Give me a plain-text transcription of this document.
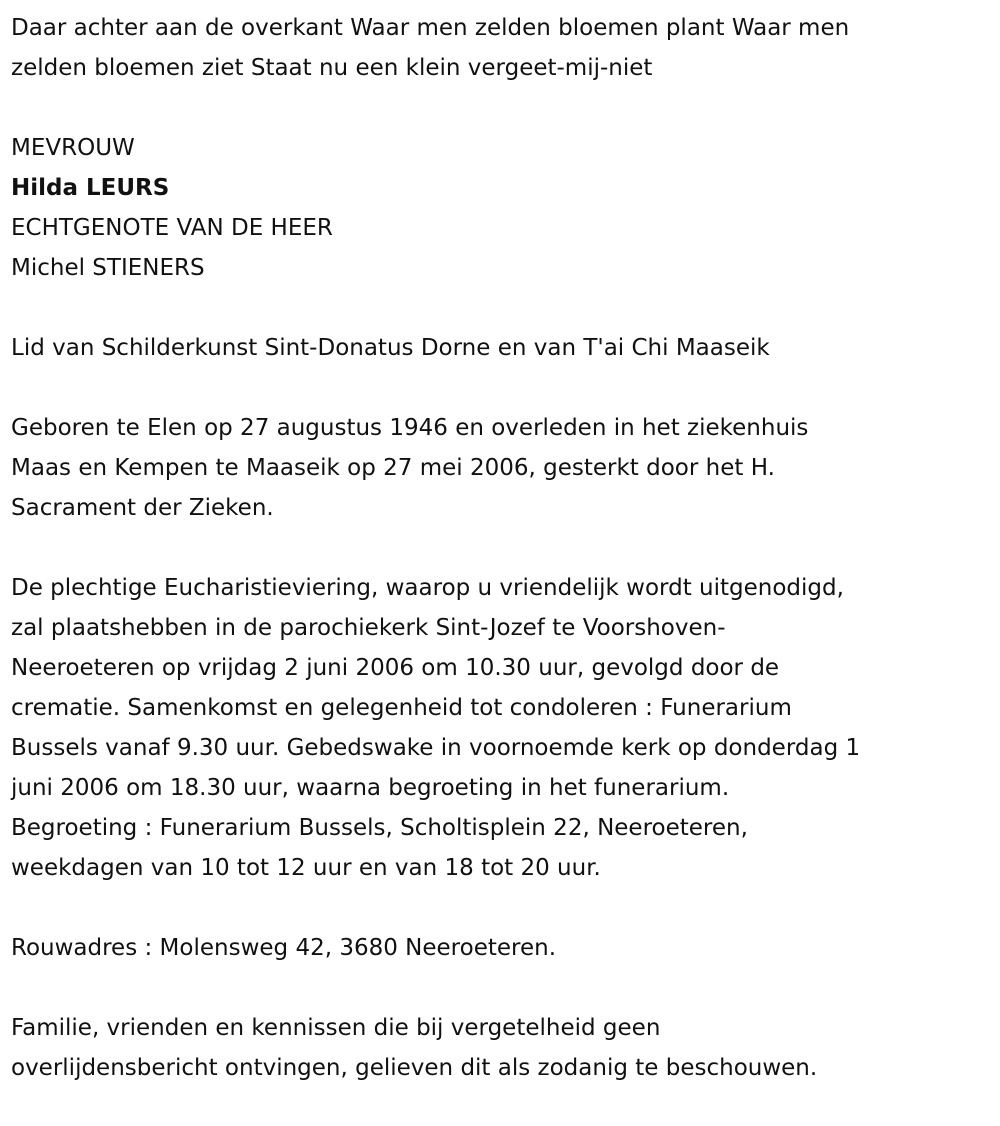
Daar achter aan de overkant Waar men zelden bloemen plant Waar men
zelden bloemen ziet Staat nu een klein vergeet-mij-niet
MEVROUW
Hilda LEURS
ECHTGENOTE VAN DE HEER
Michel STIENERS
Lid van Schilderkunst Sint-Donatus Dorne en van T'ai Chi Maaseik
Geboren te Elen op 27 augustus 1946 en overleden in het ziekenhuis
Maas en Kempen te Maaseik op 27 mei 2006, gesterkt door het H.
Sacrament der Zieken.
De plechtige Eucharistieviering, waarop u vriendelijk wordt uitgenodigd,
zal plaatshebben in de parochiekerk Sint-Jozef te Voorshoven-
Neeroeteren op vrijdag 2 juni 2006 om 10.30 uur, gevolgd door de
crematie. Samenkomst en gelegenheid tot condoleren : Funerarium
Bussels vanaf 9.30 uur. Gebedswake in voornoemde kerk op donderdag 1
juni 2006 om 18.30 uur, waarna begroeting in het funerarium.
Begroeting : Funerarium Bussels, Scholtisplein 22, Neeroeteren,
weekdagen van 10 tot 12 uur en van 18 tot 20 uur.
Rouwadres : Molensweg 42, 3680 Neeroeteren.
Familie, vrienden en kennissen die bij vergetelheid geen
overlijdensbericht ontvingen, gelieven dit als zodanig te beschouwen.
